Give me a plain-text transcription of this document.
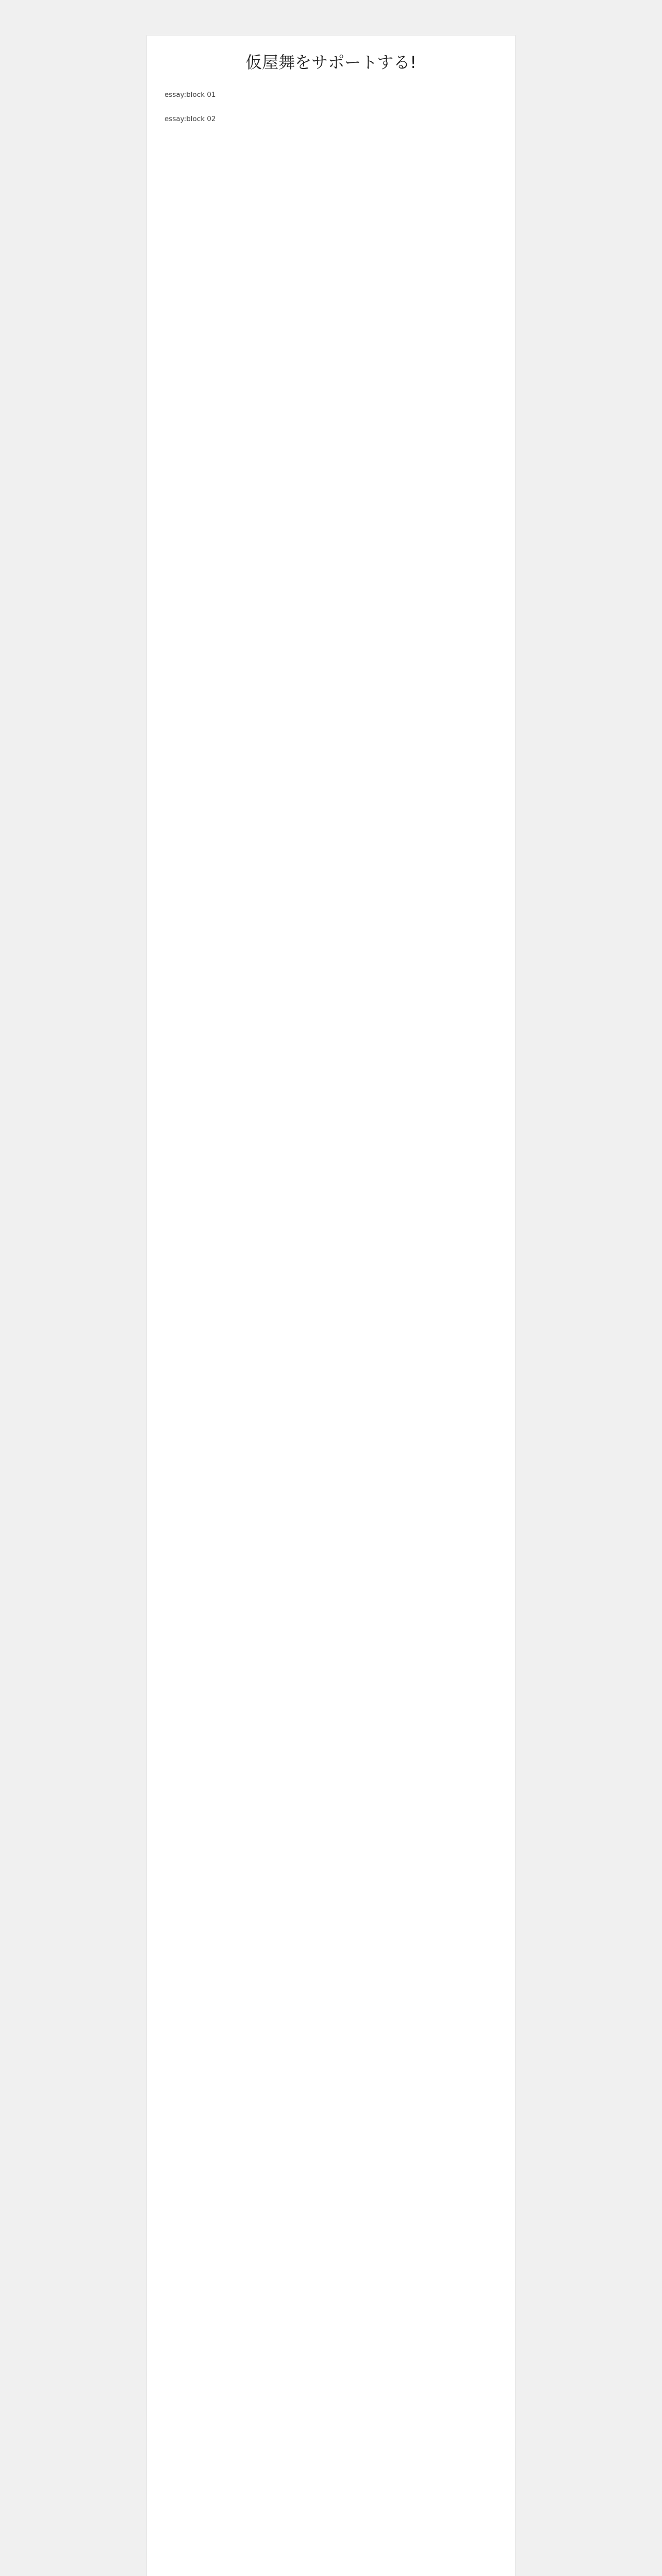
仮屋舞をサポートする!

essay:block 01

essay:block 02
